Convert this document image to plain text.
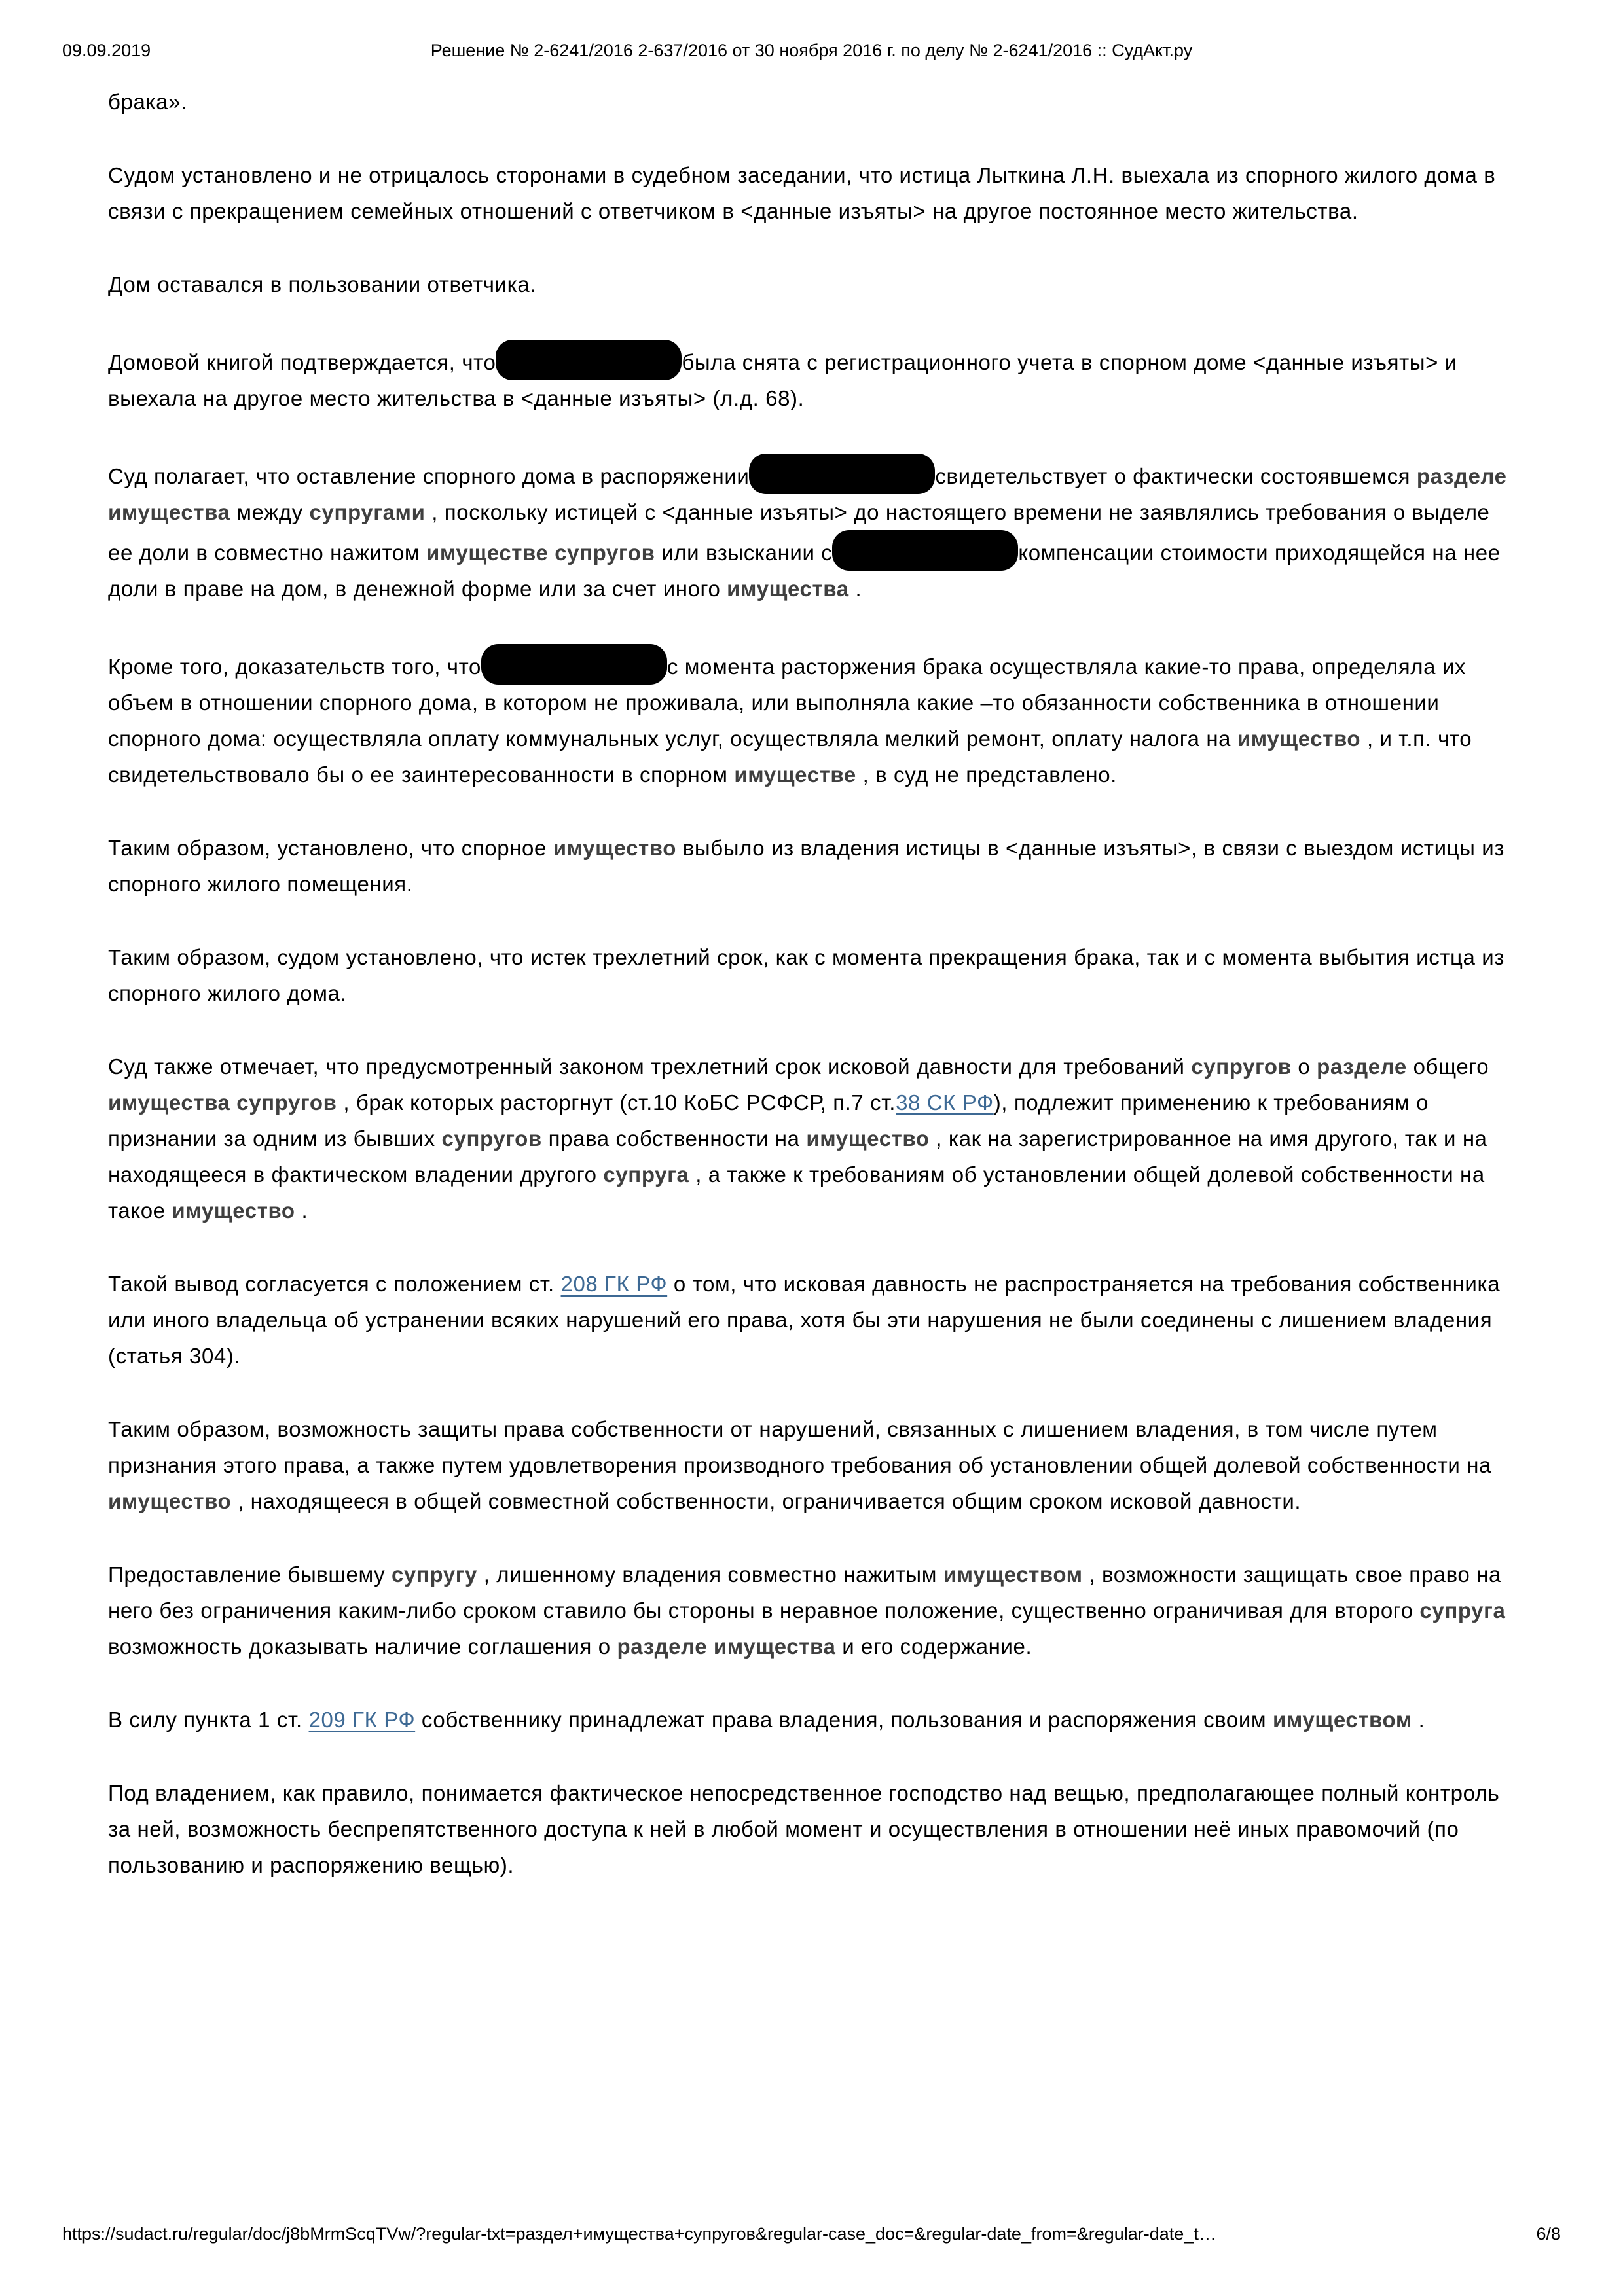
Решение № 2-6241/2016 2-637/2016 от 30 ноября 2016 г. по делу № 2-6241/2016 :: СудАкт.ру
09.09.2019

брака».

Судом установлено и не отрицалось сторонами в судебном заседании, что истица Лыткина Л.Н. выехала из спорного жилого дома в связи с прекращением семейных отношений с ответчиком в <данные изъяты> на другое постоянное место жительства.

Дом оставался в пользовании ответчика.

Домовой книгой подтверждается, что	была снята с регистрационного учета в спорном доме <данные изъяты> и выехала на другое место жительства в <данные изъяты> (л.д. 68).

Суд полагает, что оставление спорного дома в распоряжении	свидетельствует о фактически состоявшемся разделе имущества между супругами , поскольку истицей с <данные изъяты> до настоящего времени не заявлялись требования о выделе ее доли в совместно нажитом имуществе супругов или взыскании с	компенсации стоимости приходящейся на нее доли в праве на дом, в денежной форме или за счет иного имущества .

Кроме того, доказательств того, что	с момента расторжения брака осуществляла какие-то права, определяла их объем в отношении спорного дома, в котором не проживала, или выполняла какие –то обязанности собственника в отношении спорного дома: осуществляла оплату коммунальных услуг, осуществляла мелкий ремонт, оплату налога на имущество , и т.п. что свидетельствовало бы о ее заинтересованности в спорном имуществе , в суд не представлено.

Таким образом, установлено, что спорное имущество выбыло из владения истицы в <данные изъяты>, в связи с выездом истицы из спорного жилого помещения.

Таким образом, судом установлено, что истек трехлетний срок, как с момента прекращения брака, так и с момента выбытия истца из спорного жилого дома.

Суд также отмечает, что предусмотренный законом трехлетний срок исковой давности для требований супругов о разделе общего имущества супругов , брак которых расторгнут (ст.10 КоБС РСФСР, п.7 ст.38 СК РФ), подлежит применению к требованиям о признании за одним из бывших супругов права собственности на имущество , как на зарегистрированное на имя другого, так и на находящееся в фактическом владении другого супруга , а также к требованиям об установлении общей долевой собственности на такое имущество .

Такой вывод согласуется с положением ст. 208 ГК РФ о том, что исковая давность не распространяется на требования собственника или иного владельца об устранении всяких нарушений его права, хотя бы эти нарушения не были соединены с лишением владения (статья 304).

Таким образом, возможность защиты права собственности от нарушений, связанных с лишением владения, в том числе путем признания этого права, а также путем удовлетворения производного требования об установлении общей долевой собственности на имущество , находящееся в общей совместной собственности, ограничивается общим сроком исковой давности.

Предоставление бывшему супругу , лишенному владения совместно нажитым имуществом , возможности защищать свое право на него без ограничения каким-либо сроком ставило бы стороны в неравное положение, существенно ограничивая для второго супруга возможность доказывать наличие соглашения о разделе имущества и его содержание.

В силу пункта 1 ст. 209 ГК РФ собственнику принадлежат права владения, пользования и распоряжения своим имуществом .

Под владением, как правило, понимается фактическое непосредственное господство над вещью, предполагающее полный контроль за ней, возможность беспрепятственного доступа к ней в любой момент и осуществления в отношении неё иных правомочий (по пользованию и распоряжению вещью).

https://sudact.ru/regular/doc/j8bMrmScqTVw/?regular-txt=раздел+имущества+супругов&regular-case_doc=&regular-date_from=&regular-date_t…	6/8
